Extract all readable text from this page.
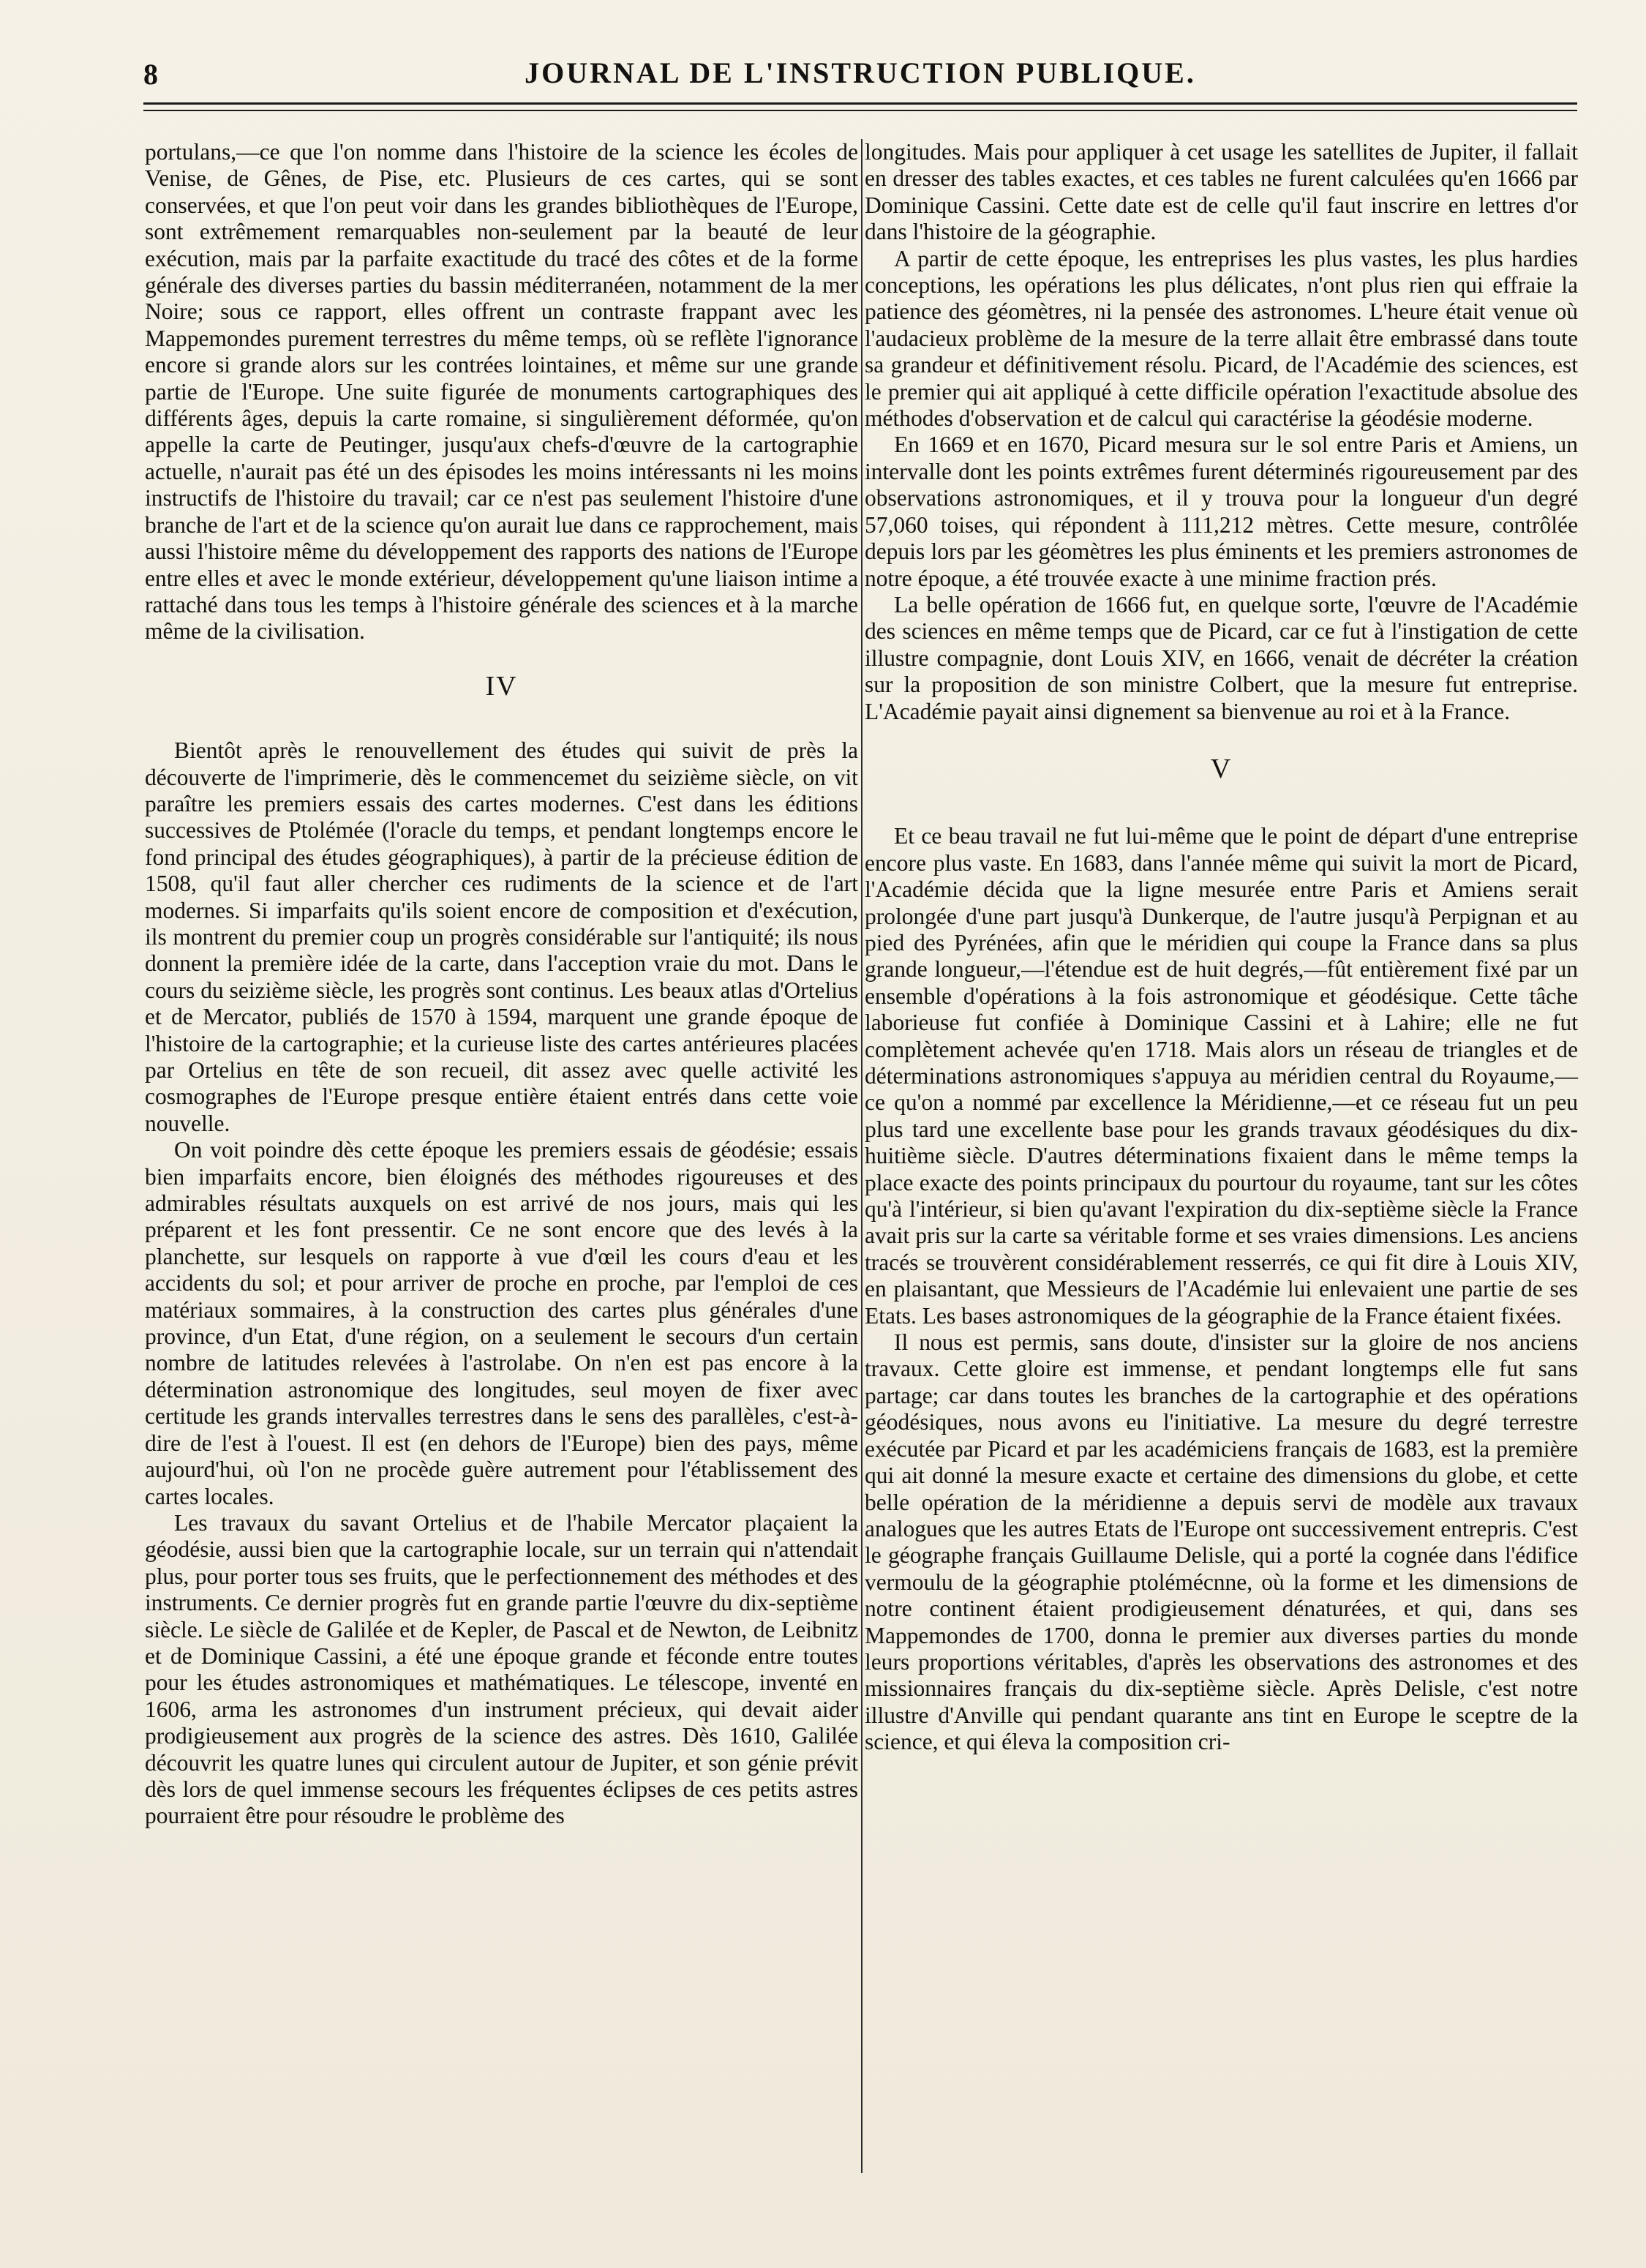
8	JOURNAL DE L'INSTRUCTION PUBLIQUE.

portulans,—ce que l'on nomme dans l'histoire de la science les écoles de Venise, de Gênes, de Pise, etc. Plusieurs de ces cartes, qui se sont conservées, et que l'on peut voir dans les grandes bibliothèques de l'Europe, sont extrêmement remarquables non-seulement par la beauté de leur exécution, mais par la parfaite exactitude du tracé des côtes et de la forme générale des diverses parties du bassin méditerranéen, notamment de la mer Noire; sous ce rapport, elles offrent un contraste frappant avec les Mappemondes purement terrestres du même temps, où se reflète l'ignorance encore si grande alors sur les contrées lointaines, et même sur une grande partie de l'Europe. Une suite figurée de monuments cartographiques des différents âges, depuis la carte romaine, si singulièrement déformée, qu'on appelle la carte de Peutinger, jusqu'aux chefs-d'œuvre de la cartographie actuelle, n'aurait pas été un des épisodes les moins intéressants ni les moins instructifs de l'histoire du travail; car ce n'est pas seulement l'histoire d'une branche de l'art et de la science qu'on aurait lue dans ce rapprochement, mais aussi l'histoire même du développement des rapports des nations de l'Europe entre elles et avec le monde extérieur, développement qu'une liaison intime a rattaché dans tous les temps à l'histoire générale des sciences et à la marche même de la civilisation.

IV

Bientôt après le renouvellement des études qui suivit de près la découverte de l'imprimerie, dès le commencemet du seizième siècle, on vit paraître les premiers essais des cartes modernes. C'est dans les éditions successives de Ptolémée (l'oracle du temps, et pendant longtemps encore le fond principal des études géographiques), à partir de la précieuse édition de 1508, qu'il faut aller chercher ces rudiments de la science et de l'art modernes. Si imparfaits qu'ils soient encore de composition et d'exécution, ils montrent du premier coup un progrès considérable sur l'antiquité; ils nous donnent la première idée de la carte, dans l'acception vraie du mot. Dans le cours du seizième siècle, les progrès sont continus. Les beaux atlas d'Ortelius et de Mercator, publiés de 1570 à 1594, marquent une grande époque de l'histoire de la cartographie; et la curieuse liste des cartes antérieures placées par Ortelius en tête de son recueil, dit assez avec quelle activité les cosmographes de l'Europe presque entière étaient entrés dans cette voie nouvelle.

On voit poindre dès cette époque les premiers essais de géodésie; essais bien imparfaits encore, bien éloignés des méthodes rigoureuses et des admirables résultats auxquels on est arrivé de nos jours, mais qui les préparent et les font pressentir. Ce ne sont encore que des levés à la planchette, sur lesquels on rapporte à vue d'œil les cours d'eau et les accidents du sol; et pour arriver de proche en proche, par l'emploi de ces matériaux sommaires, à la construction des cartes plus générales d'une province, d'un Etat, d'une région, on a seulement le secours d'un certain nombre de latitudes relevées à l'astrolabe. On n'en est pas encore à la détermination astronomique des longitudes, seul moyen de fixer avec certitude les grands intervalles terrestres dans le sens des parallèles, c'est-à-dire de l'est à l'ouest. Il est (en dehors de l'Europe) bien des pays, même aujourd'hui, où l'on ne procède guère autrement pour l'établissement des cartes locales.

Les travaux du savant Ortelius et de l'habile Mercator plaçaient la géodésie, aussi bien que la cartographie locale, sur un terrain qui n'attendait plus, pour porter tous ses fruits, que le perfectionnement des méthodes et des instruments. Ce dernier progrès fut en grande partie l'œuvre du dix-septième siècle. Le siècle de Galilée et de Kepler, de Pascal et de Newton, de Leibnitz et de Dominique Cassini, a été une époque grande et féconde entre toutes pour les études astronomiques et mathématiques. Le télescope, inventé en 1606, arma les astronomes d'un instrument précieux, qui devait aider prodigieusement aux progrès de la science des astres. Dès 1610, Galilée découvrit les quatre lunes qui circulent autour de Jupiter, et son génie prévit dès lors de quel immense secours les fréquentes éclipses de ces petits astres pourraient être pour résoudre le problème des

longitudes. Mais pour appliquer à cet usage les satellites de Jupiter, il fallait en dresser des tables exactes, et ces tables ne furent calculées qu'en 1666 par Dominique Cassini. Cette date est de celle qu'il faut inscrire en lettres d'or dans l'histoire de la géographie.

A partir de cette époque, les entreprises les plus vastes, les plus hardies conceptions, les opérations les plus délicates, n'ont plus rien qui effraie la patience des géomètres, ni la pensée des astronomes. L'heure était venue où l'audacieux problème de la mesure de la terre allait être embrassé dans toute sa grandeur et définitivement résolu. Picard, de l'Académie des sciences, est le premier qui ait appliqué à cette difficile opération l'exactitude absolue des méthodes d'observation et de calcul qui caractérise la géodésie moderne.

En 1669 et en 1670, Picard mesura sur le sol entre Paris et Amiens, un intervalle dont les points extrêmes furent déterminés rigoureusement par des observations astronomiques, et il y trouva pour la longueur d'un degré 57,060 toises, qui répondent à 111,212 mètres. Cette mesure, contrôlée depuis lors par les géomètres les plus éminents et les premiers astronomes de notre époque, a été trouvée exacte à une minime fraction prés.

La belle opération de 1666 fut, en quelque sorte, l'œuvre de l'Académie des sciences en même temps que de Picard, car ce fut à l'instigation de cette illustre compagnie, dont Louis XIV, en 1666, venait de décréter la création sur la proposition de son ministre Colbert, que la mesure fut entreprise. L'Académie payait ainsi dignement sa bienvenue au roi et à la France.

V

Et ce beau travail ne fut lui-même que le point de départ d'une entreprise encore plus vaste. En 1683, dans l'année même qui suivit la mort de Picard, l'Académie décida que la ligne mesurée entre Paris et Amiens serait prolongée d'une part jusqu'à Dunkerque, de l'autre jusqu'à Perpignan et au pied des Pyrénées, afin que le méridien qui coupe la France dans sa plus grande longueur,—l'étendue est de huit degrés,—fût entièrement fixé par un ensemble d'opérations à la fois astronomique et géodésique. Cette tâche laborieuse fut confiée à Dominique Cassini et à Lahire; elle ne fut complètement achevée qu'en 1718. Mais alors un réseau de triangles et de déterminations astronomiques s'appuya au méridien central du Royaume,—ce qu'on a nommé par excellence la Méridienne,—et ce réseau fut un peu plus tard une excellente base pour les grands travaux géodésiques du dix-huitième siècle. D'autres déterminations fixaient dans le même temps la place exacte des points principaux du pourtour du royaume, tant sur les côtes qu'à l'intérieur, si bien qu'avant l'expiration du dix-septième siècle la France avait pris sur la carte sa véritable forme et ses vraies dimensions. Les anciens tracés se trouvèrent considérablement resserrés, ce qui fit dire à Louis XIV, en plaisantant, que Messieurs de l'Académie lui enlevaient une partie de ses Etats. Les bases astronomiques de la géographie de la France étaient fixées.

Il nous est permis, sans doute, d'insister sur la gloire de nos anciens travaux. Cette gloire est immense, et pendant longtemps elle fut sans partage; car dans toutes les branches de la cartographie et des opérations géodésiques, nous avons eu l'initiative. La mesure du degré terrestre exécutée par Picard et par les académiciens français de 1683, est la première qui ait donné la mesure exacte et certaine des dimensions du globe, et cette belle opération de la méridienne a depuis servi de modèle aux travaux analogues que les autres Etats de l'Europe ont successivement entrepris. C'est le géographe français Guillaume Delisle, qui a porté la cognée dans l'édifice vermoulu de la géographie ptolémécnne, où la forme et les dimensions de notre continent étaient prodigieusement dénaturées, et qui, dans ses Mappemondes de 1700, donna le premier aux diverses parties du monde leurs proportions véritables, d'après les observations des astronomes et des missionnaires français du dix-septième siècle. Après Delisle, c'est notre illustre d'Anville qui pendant quarante ans tint en Europe le sceptre de la science, et qui éleva la composition cri-
